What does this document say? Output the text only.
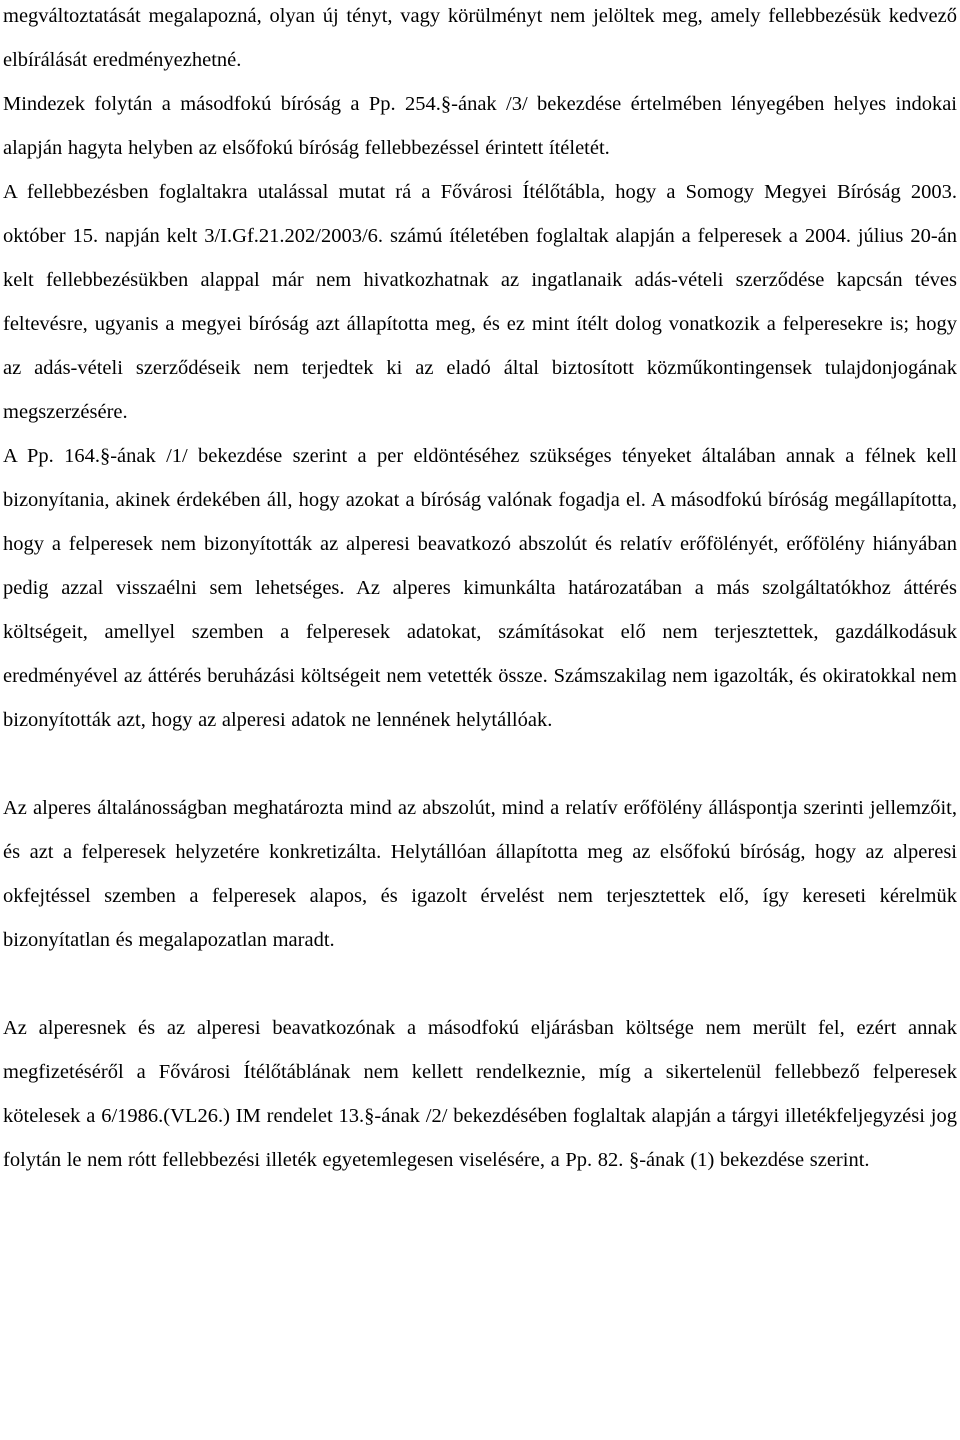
megváltoztatását megalapozná, olyan új tényt, vagy körülményt nem jelöltek meg, amely fellebbezésük kedvező elbírálását eredményezhetné.

Mindezek folytán a másodfokú bíróság a Pp. 254.§-ának /3/ bekezdése értelmében lényegében helyes indokai alapján hagyta helyben az elsőfokú bíróság fellebbezéssel érintett ítéletét.

A fellebbezésben foglaltakra utalással mutat rá a Fővárosi Ítélőtábla, hogy a Somogy Megyei Bíróság 2003. október 15. napján kelt 3/I.Gf.21.202/2003/6. számú ítéletében foglaltak alapján a felperesek a 2004. július 20-án kelt fellebbezésükben alappal már nem hivatkozhatnak az ingatlanaik adás-vételi szerződése kapcsán téves feltevésre, ugyanis a megyei bíróság azt állapította meg, és ez mint ítélt dolog vonatkozik a felperesekre is; hogy az adás-vételi szerződéseik nem terjedtek ki az eladó által biztosított közműkontingensek tulajdonjogának megszerzésére.

A Pp. 164.§-ának /1/ bekezdése szerint a per eldöntéséhez szükséges tényeket általában annak a félnek kell bizonyítania, akinek érdekében áll, hogy azokat a bíróság valónak fogadja el. A másodfokú bíróság megállapította, hogy a felperesek nem bizonyították az alperesi beavatkozó abszolút és relatív erőfölényét, erőfölény hiányában pedig azzal visszaélni sem lehetséges. Az alperes kimunkálta határozatában a más szolgáltatókhoz áttérés költségeit, amellyel szemben a felperesek adatokat, számításokat elő nem terjesztettek, gazdálkodásuk eredményével az áttérés beruházási költségeit nem vetették össze. Számszakilag nem igazolták, és okiratokkal nem bizonyították azt, hogy az alperesi adatok ne lennének helytállóak.

Az alperes általánosságban meghatározta mind az abszolút, mind a relatív erőfölény álláspontja szerinti jellemzőit, és azt a felperesek helyzetére konkretizálta. Helytállóan állapította meg az elsőfokú bíróság, hogy az alperesi okfejtéssel szemben a felperesek alapos, és igazolt érvelést nem terjesztettek elő, így kereseti kérelmük bizonyítatlan és megalapozatlan maradt.

Az alperesnek és az alperesi beavatkozónak a másodfokú eljárásban költsége nem merült fel, ezért annak megfizetéséről a Fővárosi Ítélőtáblának nem kellett rendelkeznie, míg a sikertelenül fellebbező felperesek kötelesek a 6/1986.(VL26.) IM rendelet 13.§-ának /2/ bekezdésében foglaltak alapján a tárgyi illetékfeljegyzési jog folytán le nem rótt fellebbezési illeték egyetemlegesen viselésére, a Pp. 82. §-ának (1) bekezdése szerint.
